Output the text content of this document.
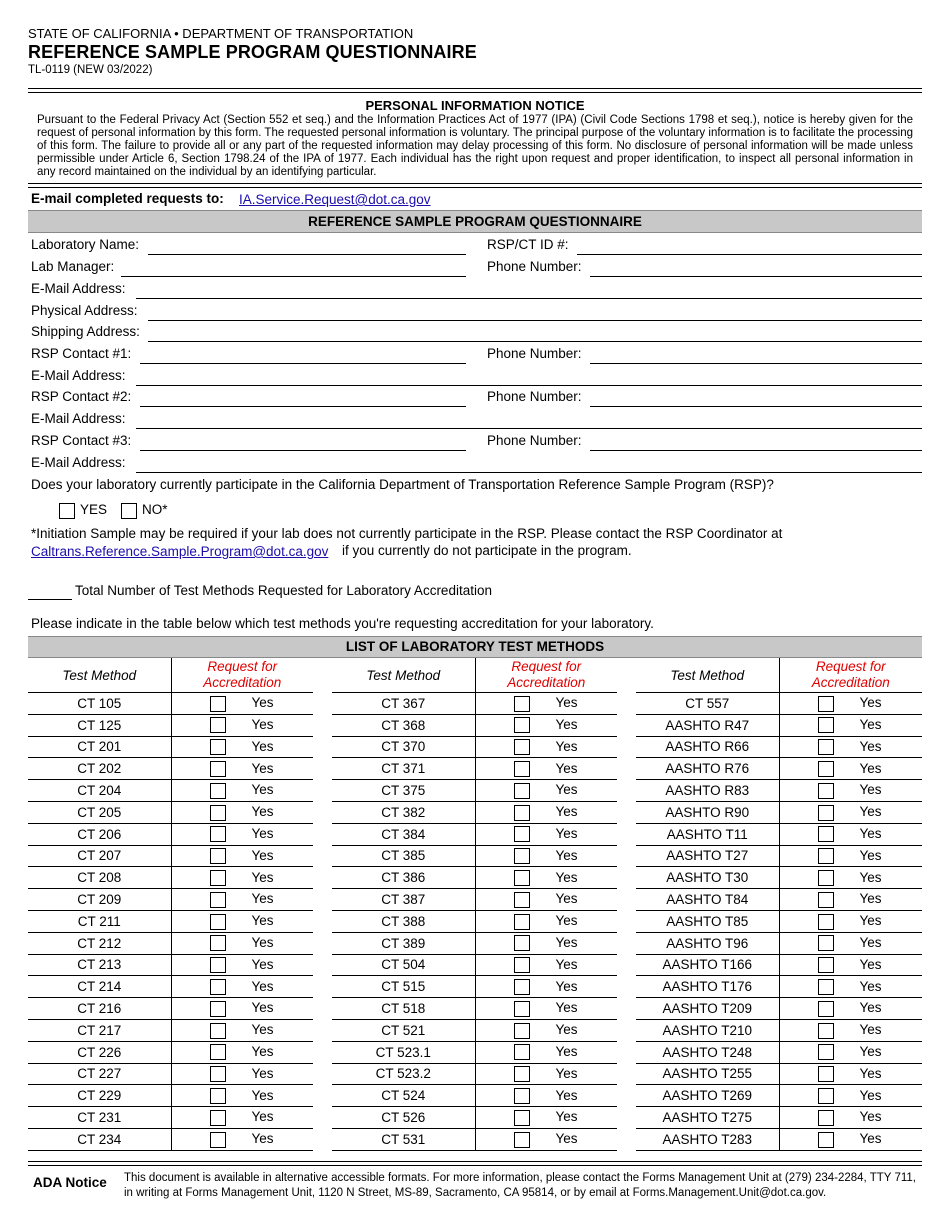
STATE OF CALIFORNIA • DEPARTMENT OF TRANSPORTATION
REFERENCE SAMPLE PROGRAM QUESTIONNAIRE
TL-0119 (NEW 03/2022)
PERSONAL INFORMATION NOTICE
Pursuant to the Federal Privacy Act (Section 552 et seq.) and the Information Practices Act of 1977 (IPA) (Civil Code Sections 1798 et seq.), notice is hereby given for the request of personal information by this form. The requested personal information is voluntary. The principal purpose of the voluntary information is to facilitate the processing of this form. The failure to provide all or any part of the requested information may delay processing of this form. No disclosure of personal information will be made unless permissible under Article 6, Section 1798.24 of the IPA of 1977. Each individual has the right upon request and proper identification, to inspect all personal information in any record maintained on the individual by an identifying particular.
E-mail completed requests to: IA.Service.Request@dot.ca.gov
REFERENCE SAMPLE PROGRAM QUESTIONNAIRE
Laboratory Name:	RSP/CT ID #:
Lab Manager:	Phone Number:
E-Mail Address:
Physical Address:
Shipping Address:
RSP Contact #1:	Phone Number:
E-Mail Address:
RSP Contact #2:	Phone Number:
E-Mail Address:
RSP Contact #3:	Phone Number:
E-Mail Address:
Does your laboratory currently participate in the California Department of Transportation Reference Sample Program (RSP)?
YES	NO*
*Initiation Sample may be required if your lab does not currently participate in the RSP. Please contact the RSP Coordinator at
Caltrans.Reference.Sample.Program@dot.ca.gov if you currently do not participate in the program.
Total Number of Test Methods Requested for Laboratory Accreditation
Please indicate in the table below which test methods you're requesting accreditation for your laboratory.
LIST OF LABORATORY TEST METHODS
Test Method	Request for
Accreditation
CT 105	Yes
CT 125	Yes
CT 201	Yes
CT 202	Yes
CT 204	Yes
CT 205	Yes
CT 206	Yes
CT 207	Yes
CT 208	Yes
CT 209	Yes
CT 211	Yes
CT 212	Yes
CT 213	Yes
CT 214	Yes
CT 216	Yes
CT 217	Yes
CT 226	Yes
CT 227	Yes
CT 229	Yes
CT 231	Yes
CT 234	Yes
Test Method	Request for
Accreditation
CT 367	Yes
CT 368	Yes
CT 370	Yes
CT 371	Yes
CT 375	Yes
CT 382	Yes
CT 384	Yes
CT 385	Yes
CT 386	Yes
CT 387	Yes
CT 388	Yes
CT 389	Yes
CT 504	Yes
CT 515	Yes
CT 518	Yes
CT 521	Yes
CT 523.1	Yes
CT 523.2	Yes
CT 524	Yes
CT 526	Yes
CT 531	Yes
Test Method	Request for
Accreditation
CT 557	Yes
AASHTO R47	Yes
AASHTO R66	Yes
AASHTO R76	Yes
AASHTO R83	Yes
AASHTO R90	Yes
AASHTO T11	Yes
AASHTO T27	Yes
AASHTO T30	Yes
AASHTO T84	Yes
AASHTO T85	Yes
AASHTO T96	Yes
AASHTO T166	Yes
AASHTO T176	Yes
AASHTO T209	Yes
AASHTO T210	Yes
AASHTO T248	Yes
AASHTO T255	Yes
AASHTO T269	Yes
AASHTO T275	Yes
AASHTO T283	Yes
ADA Notice This document is available in alternative accessible formats. For more information, please contact the Forms Management Unit at (279) 234-2284, TTY 711, in writing at Forms Management Unit, 1120 N Street, MS-89, Sacramento, CA 95814, or by email at Forms.Management.Unit@dot.ca.gov.
